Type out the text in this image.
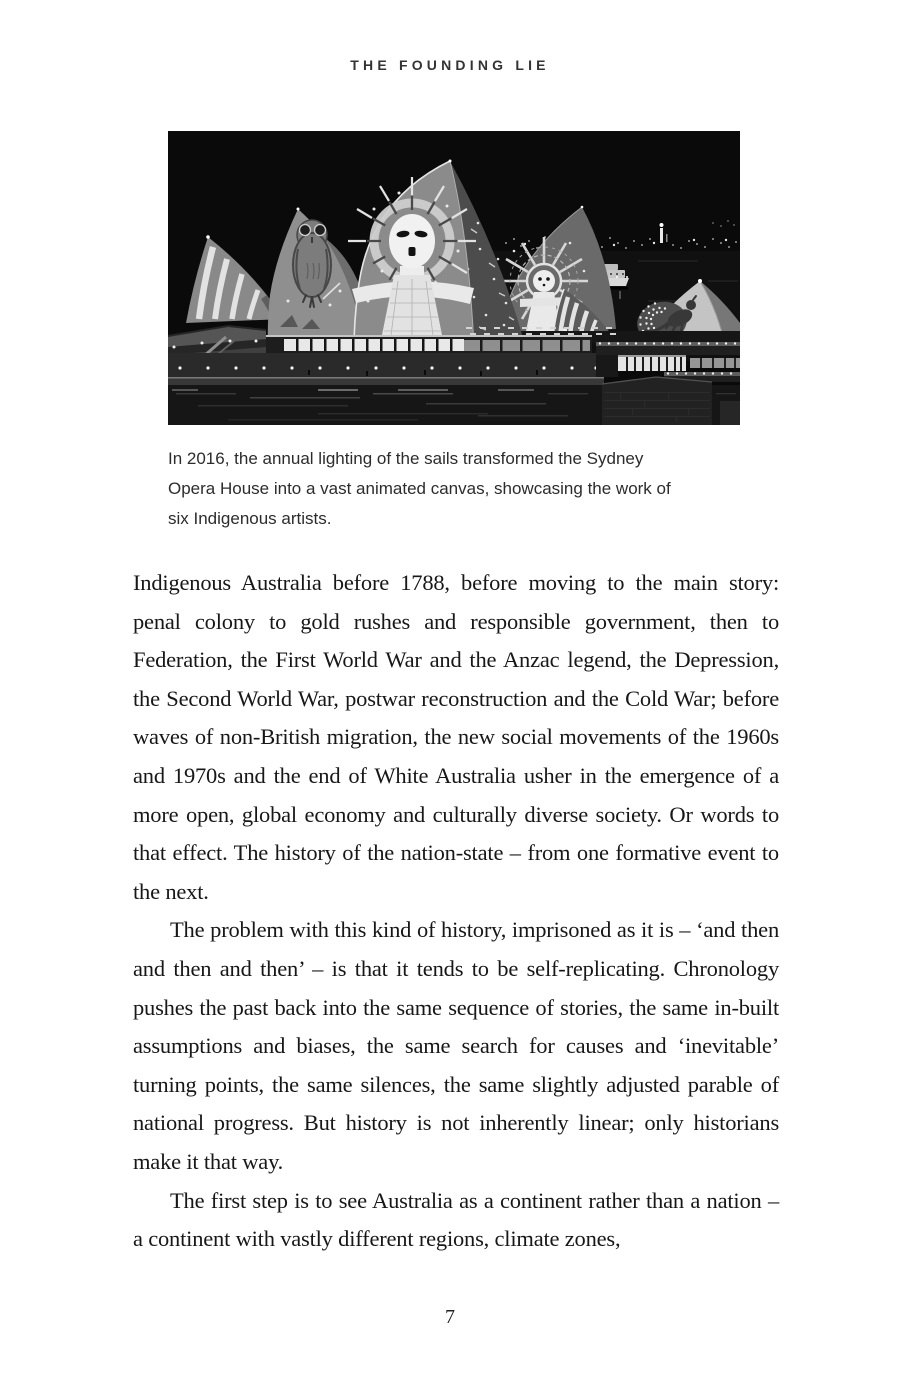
THE FOUNDING LIE
In 2016, the annual lighting of the sails transformed the Sydney
Opera House into a vast animated canvas, showcasing the work of
six Indigenous artists.

Indigenous Australia before 1788, before moving to the main story: penal colony to gold rushes and responsible government, then to Federation, the First World War and the Anzac legend, the Depression, the Second World War, postwar reconstruction and the Cold War; before waves of non-British migration, the new social movements of the 1960s and 1970s and the end of White Australia usher in the emergence of a more open, global economy and culturally diverse society. Or words to that effect. The history of the nation-state – from one formative event to the next.

The problem with this kind of history, imprisoned as it is – ‘and then and then and then’ – is that it tends to be self-replicating. Chronology pushes the past back into the same sequence of stories, the same in-built assumptions and biases, the same search for causes and ‘inevitable’ turning points, the same silences, the same slightly adjusted parable of national progress. But history is not inherently linear; only historians make it that way.

The first step is to see Australia as a continent rather than a nation – a continent with vastly different regions, climate zones,

7
